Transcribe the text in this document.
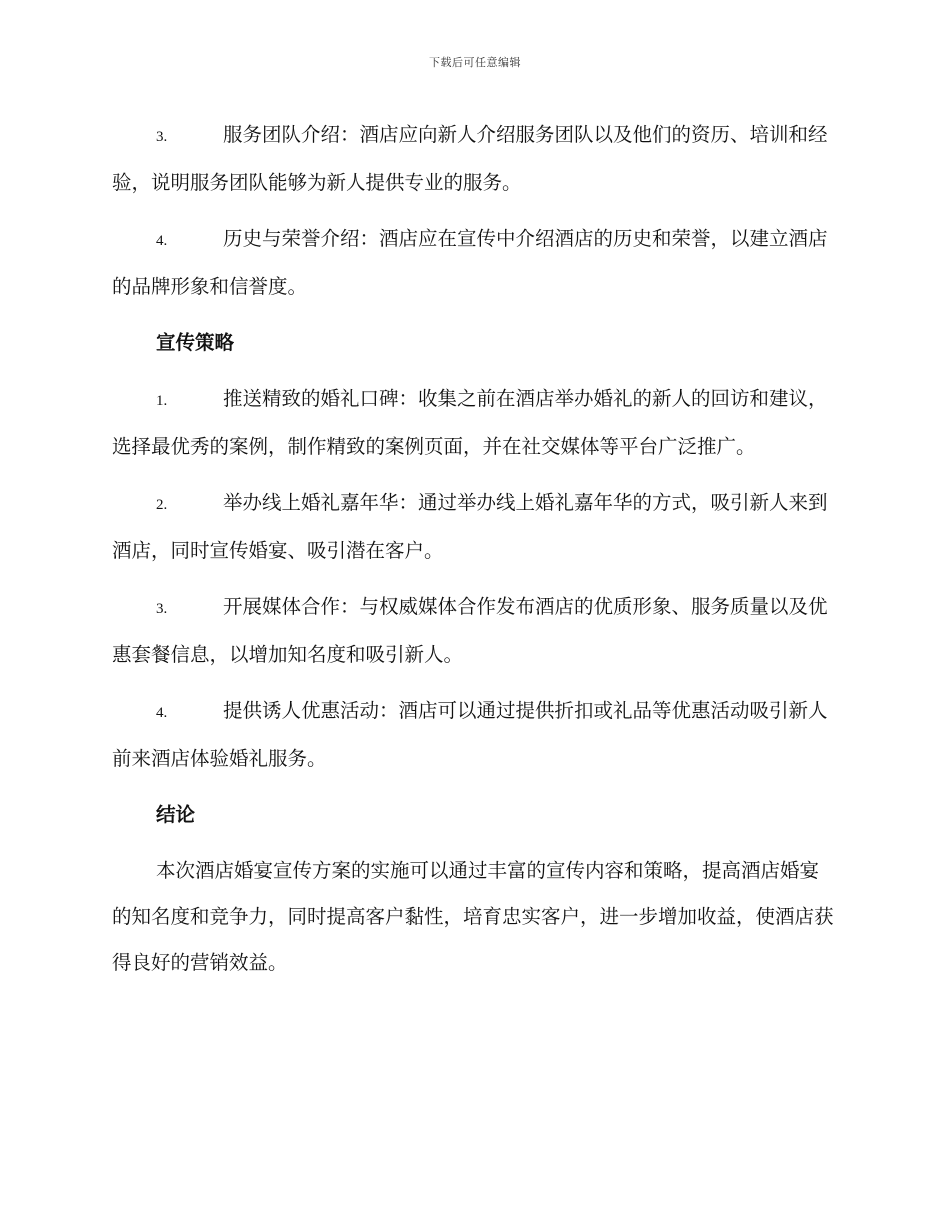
下载后可任意编辑

3.	服务团队介绍：酒店应向新人介绍服务团队以及他们的资历、培训和经验，说明服务团队能够为新人提供专业的服务。

4.	历史与荣誉介绍：酒店应在宣传中介绍酒店的历史和荣誉，以建立酒店的品牌形象和信誉度。

宣传策略

1.	推送精致的婚礼口碑：收集之前在酒店举办婚礼的新人的回访和建议，选择最优秀的案例，制作精致的案例页面，并在社交媒体等平台广泛推广。

2.	举办线上婚礼嘉年华：通过举办线上婚礼嘉年华的方式，吸引新人来到酒店，同时宣传婚宴、吸引潜在客户。

3.	开展媒体合作：与权威媒体合作发布酒店的优质形象、服务质量以及优惠套餐信息，以增加知名度和吸引新人。

4.	提供诱人优惠活动：酒店可以通过提供折扣或礼品等优惠活动吸引新人前来酒店体验婚礼服务。

结论

本次酒店婚宴宣传方案的实施可以通过丰富的宣传内容和策略，提高酒店婚宴的知名度和竞争力，同时提高客户黏性，培育忠实客户，进一步增加收益，使酒店获得良好的营销效益。
